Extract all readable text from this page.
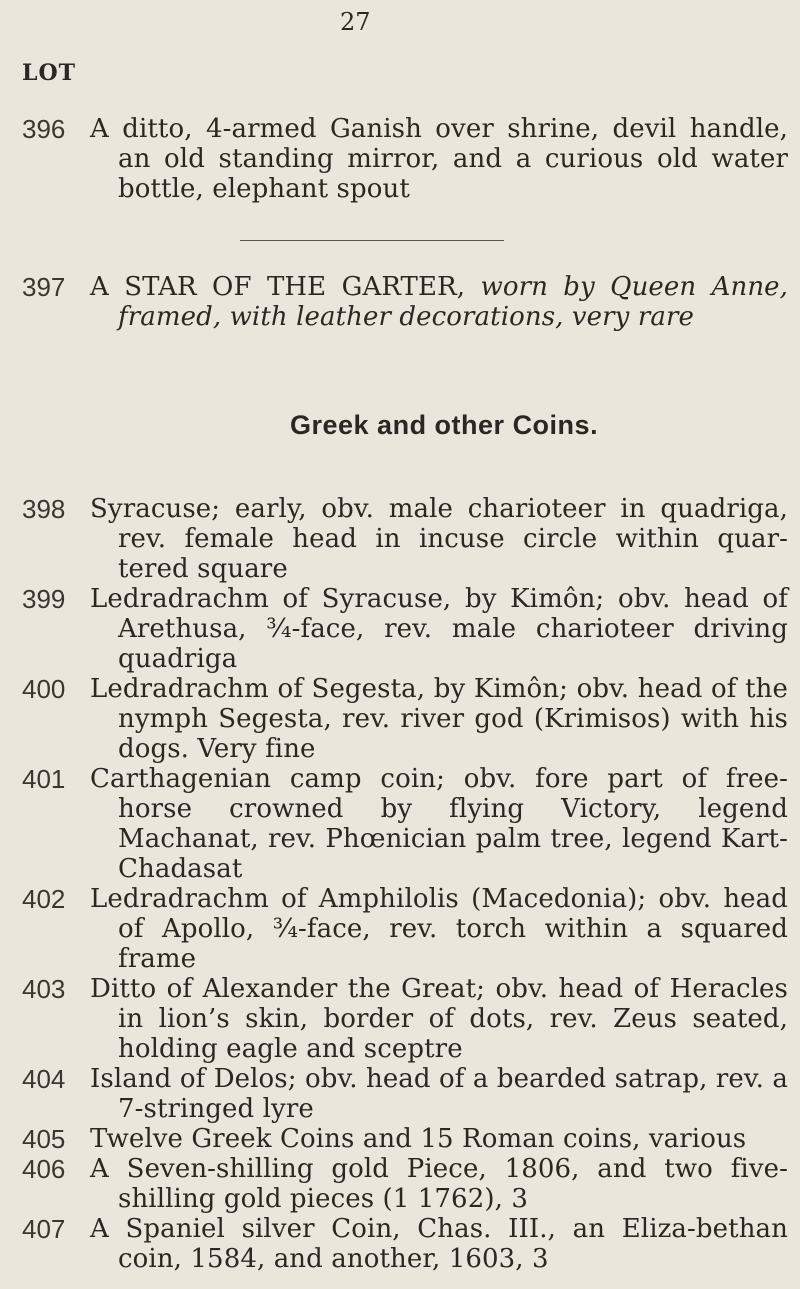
27
LOT
396 A ditto, 4-armed Ganish over shrine, devil handle, an old standing mirror, and a curious old water bottle, elephant spout
397 A STAR OF THE GARTER, worn by Queen Anne, framed, with leather decorations, very rare
Greek and other Coins.
398 Syracuse; early, obv. male charioteer in quadriga, rev. female head in incuse circle within quar-tered square
399 Ledradrachm of Syracuse, by Kimôn; obv. head of Arethusa, ¾-face, rev. male charioteer driving quadriga
400 Ledradrachm of Segesta, by Kimôn; obv. head of the nymph Segesta, rev. river god (Krimisos) with his dogs. Very fine
401 Carthagenian camp coin; obv. fore part of free-horse crowned by flying Victory, legend Machanat, rev. Phœnician palm tree, legend Kart-Chadasat
402 Ledradrachm of Amphilolis (Macedonia); obv. head of Apollo, ¾-face, rev. torch within a squared frame
403 Ditto of Alexander the Great; obv. head of Heracles in lion’s skin, border of dots, rev. Zeus seated, holding eagle and sceptre
404 Island of Delos; obv. head of a bearded satrap, rev. a 7-stringed lyre
405 Twelve Greek Coins and 15 Roman coins, various
406 A Seven-shilling gold Piece, 1806, and two five-shilling gold pieces (1 1762), 3
407 A Spaniel silver Coin, Chas. III., an Eliza-bethan coin, 1584, and another, 1603, 3
